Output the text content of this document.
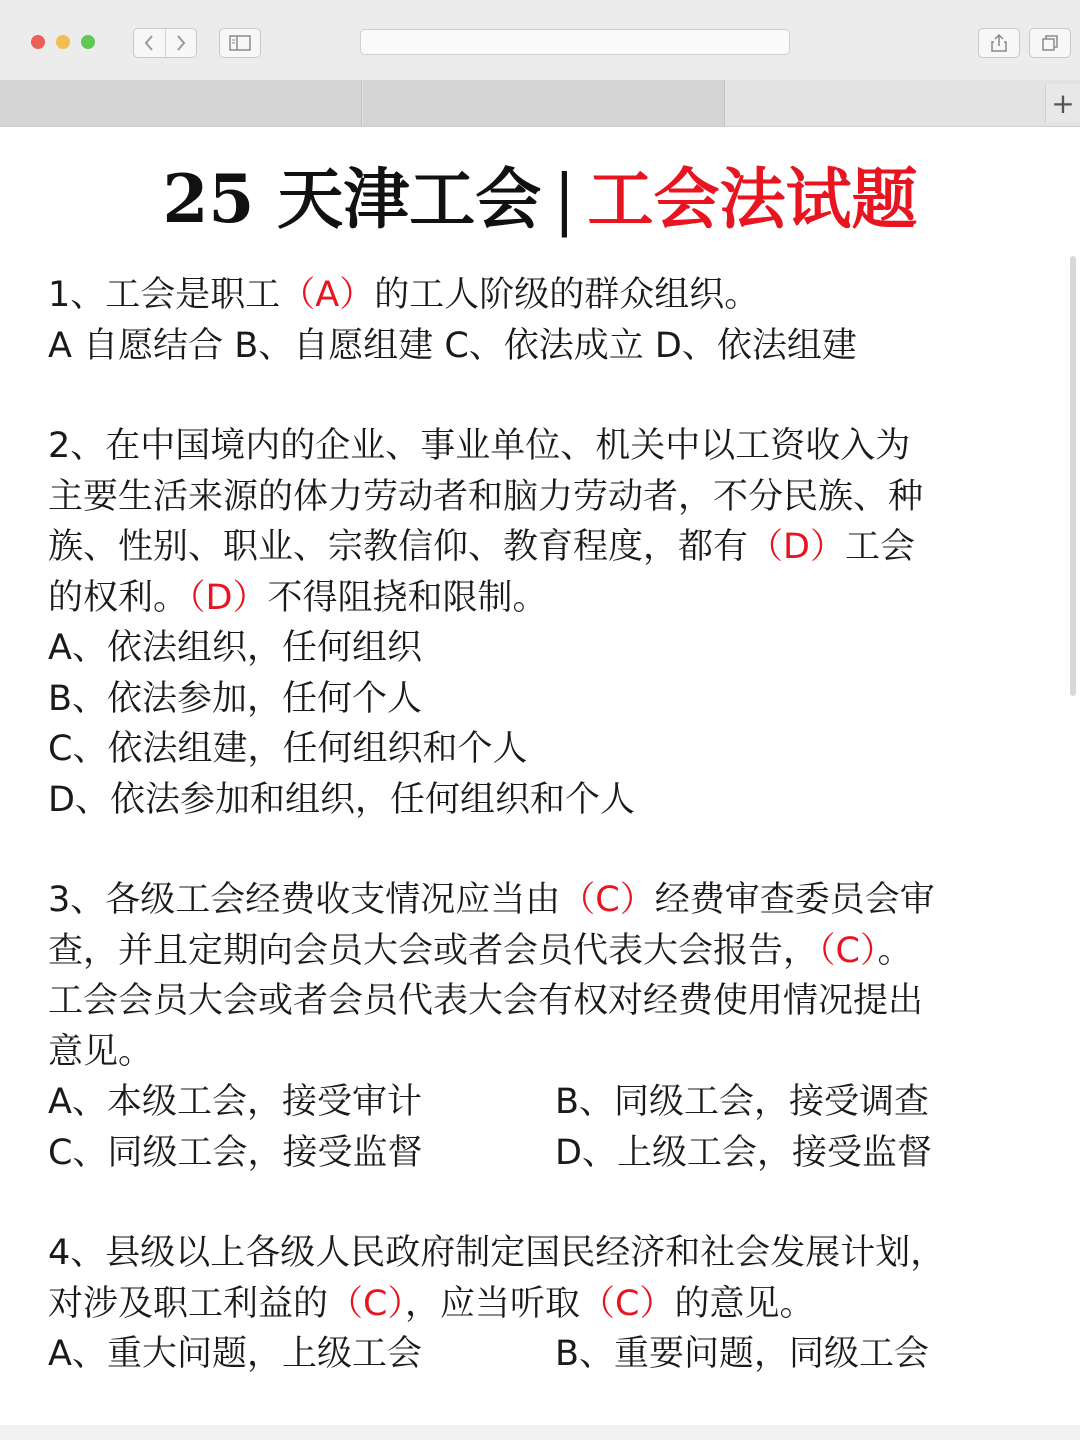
+
25 天津工会 | 工会法试题
1、工会是职工（A）的工人阶级的群众组织。
A 自愿结合 B、自愿组建 C、依法成立 D、依法组建
2、在中国境内的企业、事业单位、机关中以工资收入为
主要生活来源的体力劳动者和脑力劳动者，不分民族、种
族、性别、职业、宗教信仰、教育程度，都有（D）工会
的权利。（D）不得阻挠和限制。
A、依法组织，任何组织
B、依法参加，任何个人
C、依法组建，任何组织和个人
D、依法参加和组织，任何组织和个人
3、各级工会经费收支情况应当由（C）经费审查委员会审
查，并且定期向会员大会或者会员代表大会报告，（C）。
工会会员大会或者会员代表大会有权对经费使用情况提出
意见。
A、本级工会，接受审计	B、同级工会，接受调查
C、同级工会，接受监督	D、上级工会，接受监督
4、县级以上各级人民政府制定国民经济和社会发展计划，
对涉及职工利益的（C），应当听取（C）的意见。
A、重大问题，上级工会	B、重要问题，同级工会
